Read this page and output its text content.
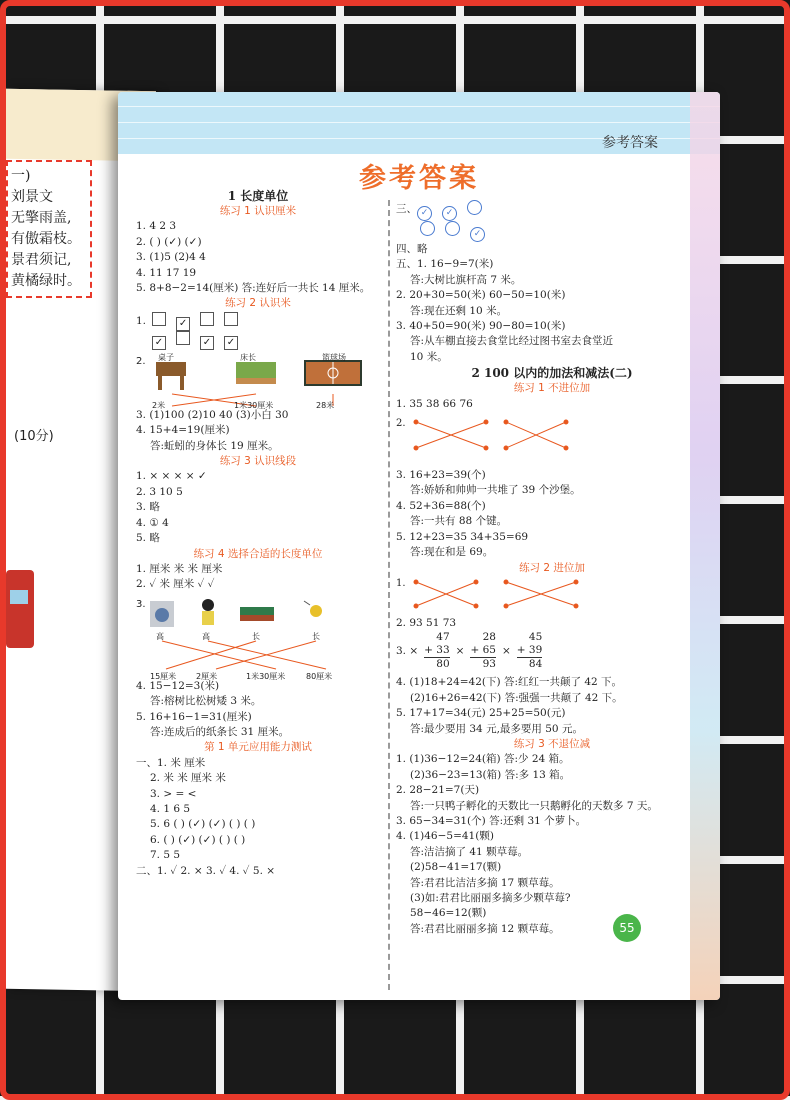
一)
刘景文
无擎雨盖,
有傲霜枝。
景君须记,
黄橘绿时。
(10分)
参考答案
参考答案
1 长度单位
练习 1 认识厘米
1. 4 2 3
2. ( ) (✓) (✓)
3. (1)5 (2)4 4
4. 11 17 19
5. 8+8−2=14(厘米) 答:连好后一共长 14 厘米。
练习 2 认识米
1.	✓
✓	✓ ✓
2. 桌子	床长	篮球场
2米	1米30厘米	28米
3. (1)100 (2)10 40 (3)小白 30
4. 15+4=19(厘米)
答:蚯蚓的身体长 19 厘米。
练习 3 认识线段
1. × × × × ✓
2. 3 10 5
3. 略
4. ① 4
5. 略
练习 4 选择合适的长度单位
1. 厘米 米 米 厘米
2. ✓ 米 厘米 ✓ ✓
3.
高	高	长	长
15厘米 2厘米	1米30厘米	80厘米
4. 15−12=3(米)
答:榕树比松树矮 3 米。
5. 16+16−1=31(厘米)
答:连成后的纸条长 31 厘米。
第 1 单元应用能力测试
一、1. 米 厘米
2. 米 米 厘米 米
3. > = <
4. 1 6 5
5. 6 ( ) (✓) (✓) ( ) ( )
6. ( ) (✓) (✓) ( ) ( )
7. 5 5
二、1. ✓ 2. × 3. ✓ 4. ✓ 5. ×
三、 ✓ ✓
✓
四、略
五、1. 16−9=7(米)
答:大树比旗杆高 7 米。
2. 20+30=50(米) 60−50=10(米)
答:现在还剩 10 米。
3. 40+50=90(米) 90−80=10(米)
答:从车棚直接去食堂比经过图书室去食堂近
10 米。
2 100 以内的加法和减法(二)
练习 1 不进位加
1. 35 38 66 76
2.
3. 16+23=39(个)
答:娇娇和帅帅一共堆了 39 个沙堡。
4. 52+36=88(个)
答:一共有 88 个键。
5. 12+23=35 34+35=69
答:现在和是 69。
练习 2 进位加
1.
2. 93 51 73
3. ×
47
+ 33
80
×
28
+ 65
93
×
45
+ 39
84
4. (1)18+24=42(下) 答:红红一共颠了 42 下。
(2)16+26=42(下) 答:强强一共颠了 42 下。
5. 17+17=34(元) 25+25=50(元)
答:最少要用 34 元,最多要用 50 元。
练习 3 不退位减
1. (1)36−12=24(箱) 答:少 24 箱。
(2)36−23=13(箱) 答:多 13 箱。
2. 28−21=7(天)
答:一只鸭子孵化的天数比一只鹅孵化的天数多 7 天。
3. 65−34=31(个) 答:还剩 31 个萝卜。
4. (1)46−5=41(颗)
答:洁洁摘了 41 颗草莓。
(2)58−41=17(颗)
答:君君比洁洁多摘 17 颗草莓。
(3)如:君君比丽丽多摘多少颗草莓?
58−46=12(颗)
答:君君比丽丽多摘 12 颗草莓。	55
